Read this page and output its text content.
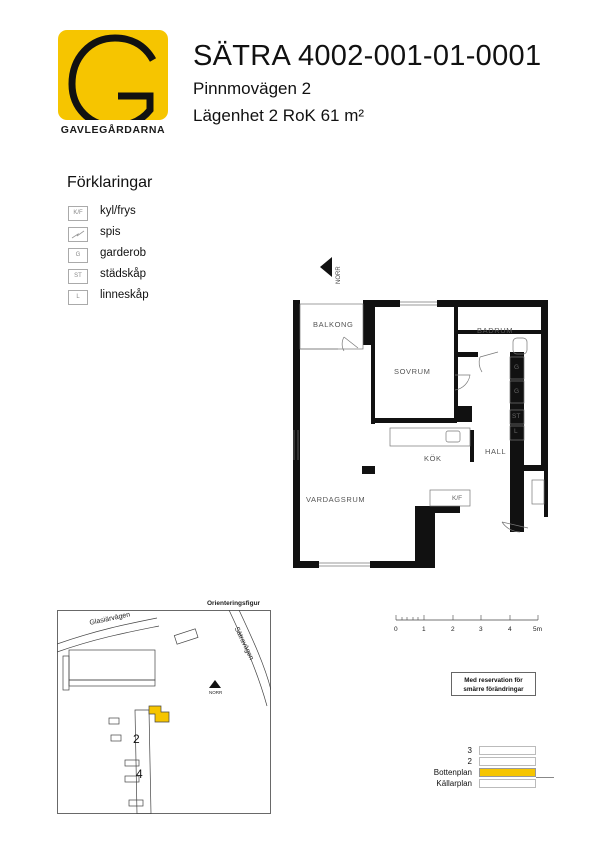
GAVLEGÅRDARNA
SÄTRA 4002-001-01-0001
Pinnmovägen 2
Lägenhet 2 RoK 61 m²
Förklaringar
K/F	kyl/frys
spis
G	garderob
ST	städskåp
L	linneskåp
NORR
BALKONG
SOVRUM
BADRUM
KÖK
HALL
VARDAGSRUM
G
G
ST
L
K/F
0	1	2	3	4	5m
Orienteringsfigur
Glasiärvägen
Sätravägen
NORR
2
4
Med reservation för
smärre förändringar
3
2
Bottenplan
Källarplan
